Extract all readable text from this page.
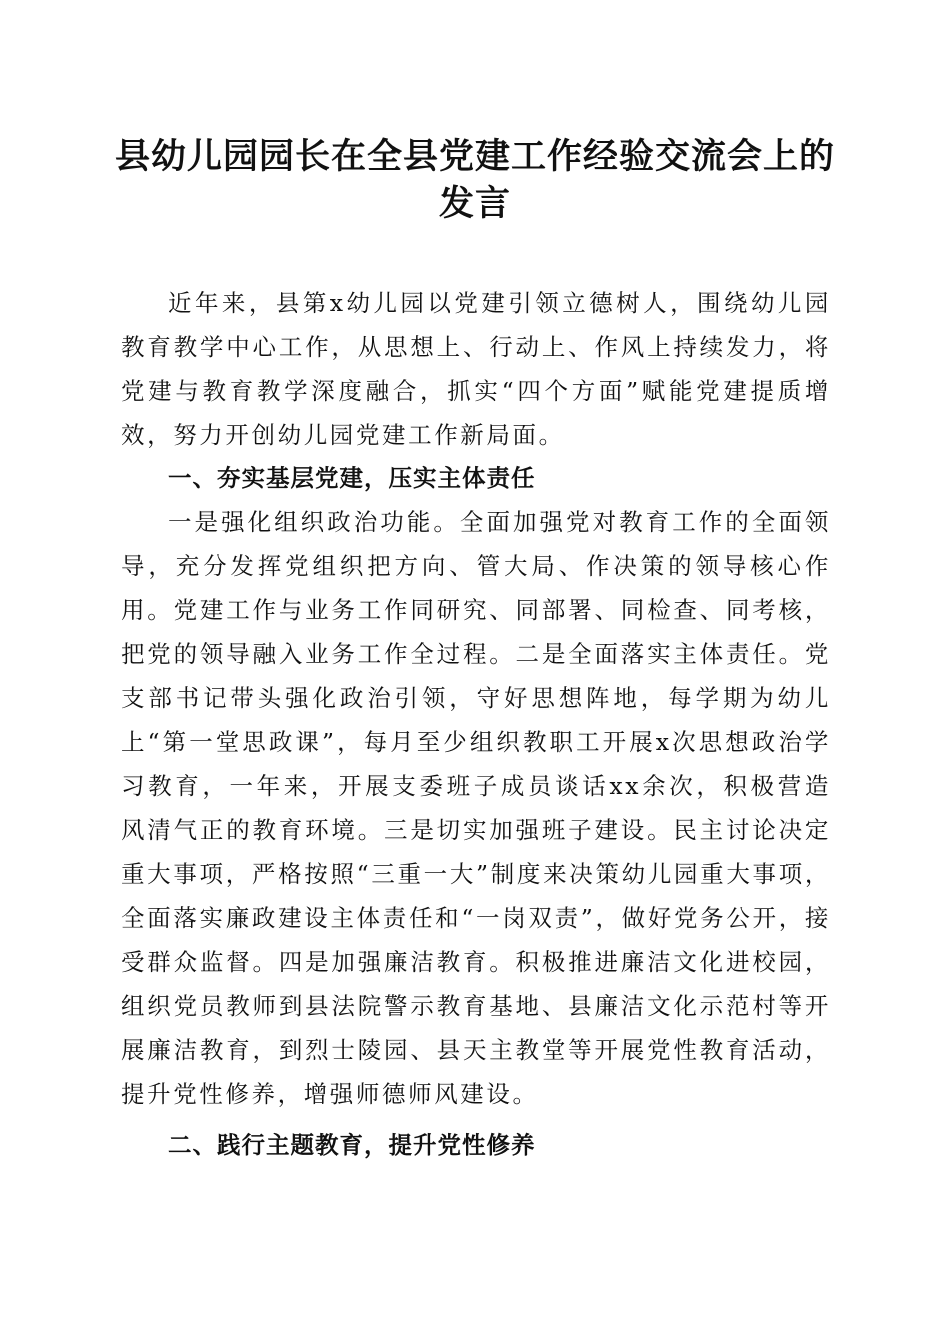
县幼儿园园长在全县党建工作经验交流会上的发言

近年来，县第x幼儿园以党建引领立德树人，围绕幼儿园教育教学中心工作，从思想上、行动上、作风上持续发力，将党建与教育教学深度融合，抓实“四个方面”赋能党建提质增效，努力开创幼儿园党建工作新局面。

一、夯实基层党建，压实主体责任

一是强化组织政治功能。全面加强党对教育工作的全面领导，充分发挥党组织把方向、管大局、作决策的领导核心作用。党建工作与业务工作同研究、同部署、同检查、同考核，把党的领导融入业务工作全过程。二是全面落实主体责任。党支部书记带头强化政治引领，守好思想阵地，每学期为幼儿上“第一堂思政课”，每月至少组织教职工开展x次思想政治学习教育，一年来，开展支委班子成员谈话xx余次，积极营造风清气正的教育环境。三是切实加强班子建设。民主讨论决定重大事项，严格按照“三重一大”制度来决策幼儿园重大事项，全面落实廉政建设主体责任和“一岗双责”，做好党务公开，接受群众监督。四是加强廉洁教育。积极推进廉洁文化进校园，组织党员教师到县法院警示教育基地、县廉洁文化示范村等开展廉洁教育，到烈士陵园、县天主教堂等开展党性教育活动，提升党性修养，增强师德师风建设。

二、践行主题教育，提升党性修养
